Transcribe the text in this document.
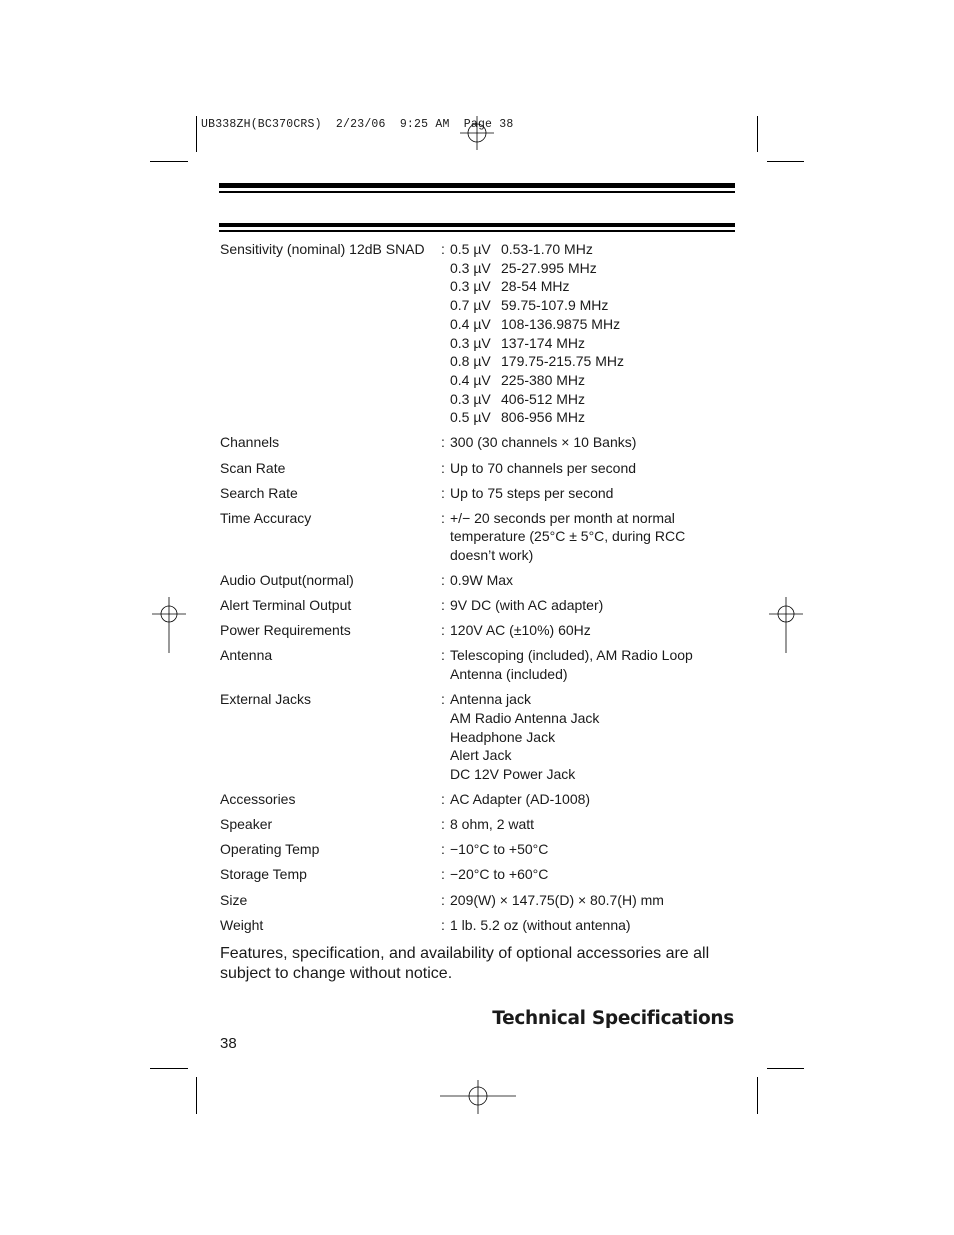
UB338ZH(BC370CRS)  2/23/06  9:25 AM  Page 38
Sensitivity (nominal) 12dB SNAD	: 0.5 µV 0.53-1.70 MHz
0.3 µV 25-27.995 MHz
0.3 µV 28-54 MHz
0.7 µV 59.75-107.9 MHz
0.4 µV 108-136.9875 MHz
0.3 µV 137-174 MHz
0.8 µV 179.75-215.75 MHz
0.4 µV 225-380 MHz
0.3 µV 406-512 MHz
0.5 µV 806-956 MHz
Channels	: 300 (30 channels × 10 Banks)
Scan Rate	: Up to 70 channels per second
Search Rate	: Up to 75 steps per second
Time Accuracy	: +/− 20 seconds per month at normal
temperature (25°C ± 5°C, during RCC
doesn’t work)
Audio Output(normal)	: 0.9W Max
Alert Terminal Output	: 9V DC (with AC adapter)
Power Requirements	: 120V AC (±10%) 60Hz
Antenna	: Telescoping (included), AM Radio Loop
Antenna (included)
External Jacks	: Antenna jack
AM Radio Antenna Jack
Headphone Jack
Alert Jack
DC 12V Power Jack
Accessories	: AC Adapter (AD-1008)
Speaker	: 8 ohm, 2 watt
Operating Temp	: −10°C to +50°C
Storage Temp	: −20°C to +60°C
Size	: 209(W) × 147.75(D) × 80.7(H) mm
Weight	: 1 lb. 5.2 oz (without antenna)
Features, specification, and availability of optional accessories are all subject to change without notice.
Technical Specifications
38
